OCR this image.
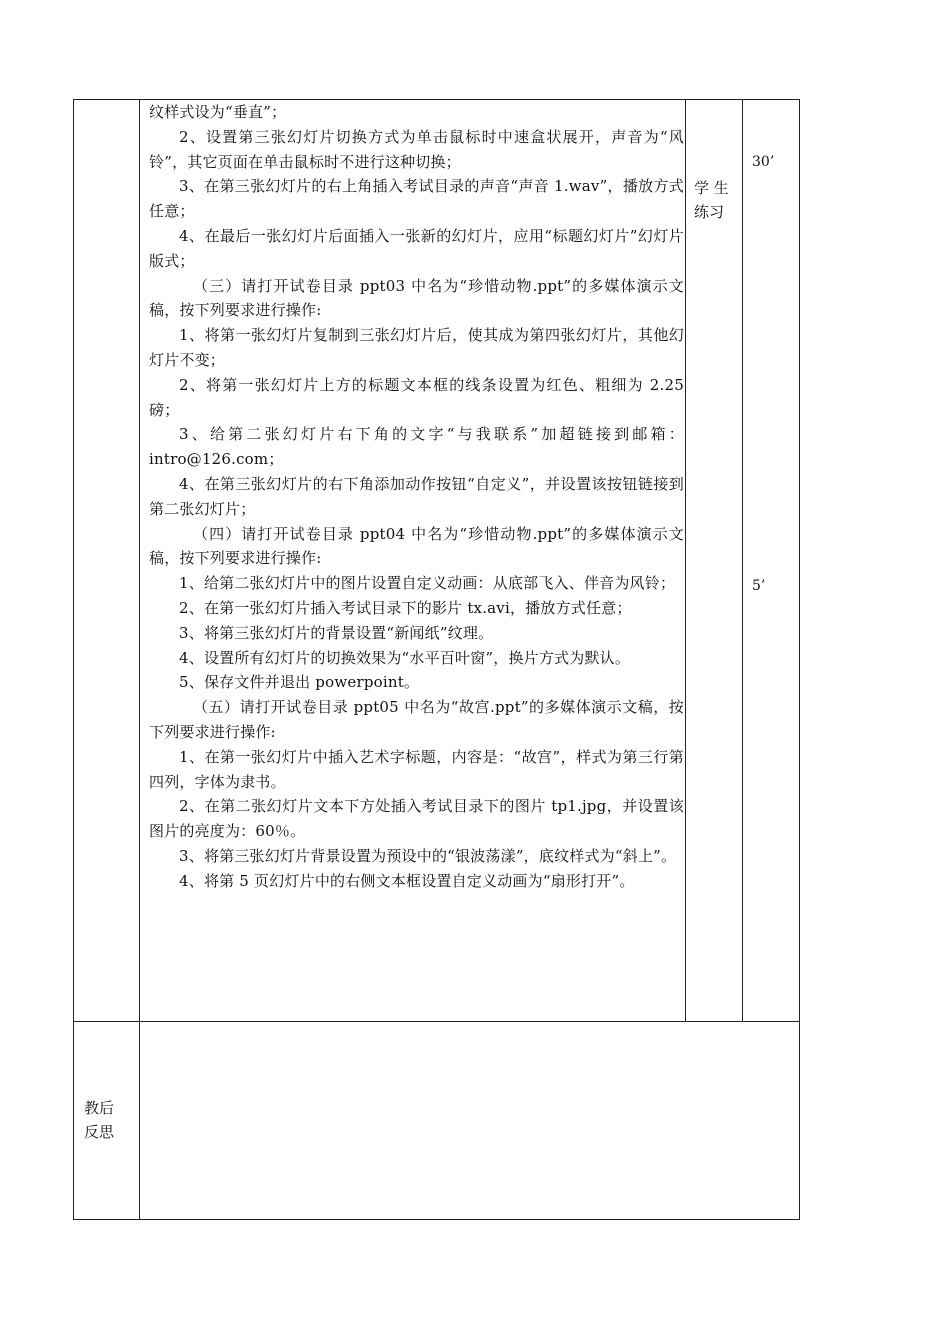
纹样式设为“垂直”；

2、设置第三张幻灯片切换方式为单击鼠标时中速盒状展开，声音为“风铃”，其它页面在单击鼠标时不进行这种切换；

3、在第三张幻灯片的右上角插入考试目录的声音“声音 1.wav”，播放方式任意；

4、在最后一张幻灯片后面插入一张新的幻灯片，应用“标题幻灯片”幻灯片版式；

（三）请打开试卷目录 ppt03 中名为“珍惜动物.ppt”的多媒体演示文稿，按下列要求进行操作:

1、将第一张幻灯片复制到三张幻灯片后，使其成为第四张幻灯片，其他幻灯片不变；

2、将第一张幻灯片上方的标题文本框的线条设置为红色、粗细为 2.25 磅；

3、给第二张幻灯片右下角的文字“与我联系”加超链接到邮箱：intro@126.com；

4、在第三张幻灯片的右下角添加动作按钮“自定义”，并设置该按钮链接到第二张幻灯片；

（四）请打开试卷目录 ppt04 中名为“珍惜动物.ppt”的多媒体演示文稿，按下列要求进行操作:

1、给第二张幻灯片中的图片设置自定义动画：从底部飞入、伴音为风铃；

2、在第一张幻灯片插入考试目录下的影片 tx.avi，播放方式任意；

3、将第三张幻灯片的背景设置“新闻纸”纹理。

4、设置所有幻灯片的切换效果为“水平百叶窗”，换片方式为默认。

5、保存文件并退出 powerpoint。

（五）请打开试卷目录 ppt05 中名为“故宫.ppt”的多媒体演示文稿，按下列要求进行操作:

1、在第一张幻灯片中插入艺术字标题，内容是：“故宫”，样式为第三行第四列，字体为隶书。

2、在第二张幻灯片文本下方处插入考试目录下的图片 tp1.jpg，并设置该图片的亮度为：60％。

3、将第三张幻灯片背景设置为预设中的“银波荡漾”，底纹样式为“斜上”。

4、将第 5 页幻灯片中的右侧文本框设置自定义动画为“扇形打开”。

学 生
练习
30’
5’
教后
反思
